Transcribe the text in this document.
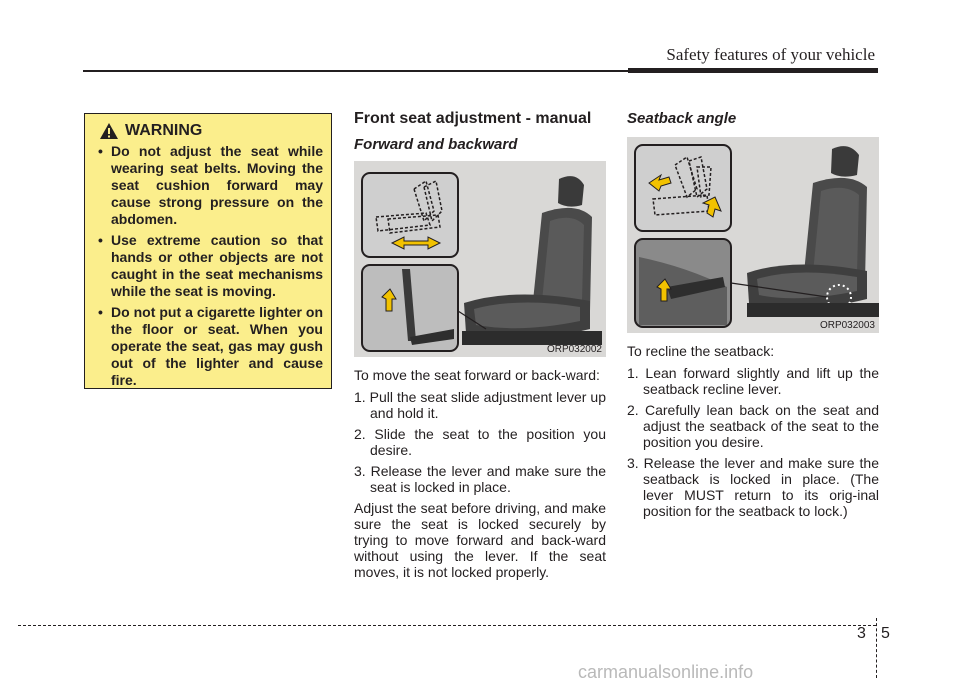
Safety features of your vehicle
WARNING
• Do not adjust the seat while wearing seat belts. Moving the seat cushion forward may cause strong pressure on the abdomen.
• Use extreme caution so that hands or other objects are not caught in the seat mechanisms while the seat is moving.
• Do not put a cigarette lighter on the floor or seat. When you operate the seat, gas may gush out of the lighter and cause fire.
Front seat adjustment - manual
Forward and backward
ORP032002

To move the seat forward or back-ward:

1. Pull the seat slide adjustment lever up and hold it.
2. Slide the seat to the position you desire.
3. Release the lever and make sure the seat is locked in place.

Adjust the seat before driving, and make sure the seat is locked securely by trying to move forward and back-ward without using the lever. If the seat moves, it is not locked properly.

Seatback angle
ORP032003

To recline the seatback:

1. Lean forward slightly and lift up the seatback recline lever.
2. Carefully lean back on the seat and adjust the seatback of the seat to the position you desire.
3. Release the lever and make sure the seatback is locked in place. (The lever MUST return to its orig-inal position for the seatback to lock.)
3 5
carmanualsonline.info
